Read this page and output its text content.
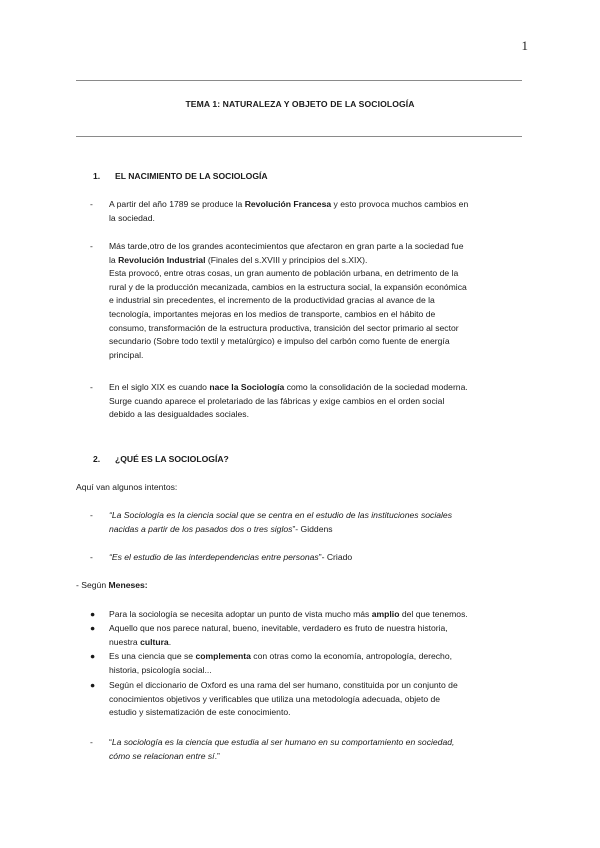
1
TEMA 1: NATURALEZA Y OBJETO DE LA SOCIOLOGÍA
1. EL NACIMIENTO DE LA SOCIOLOGÍA
- A partir del año 1789 se produce la Revolución Francesa y esto provoca muchos cambios en
la sociedad.
- Más tarde,otro de los grandes acontecimientos que afectaron en gran parte a la sociedad fue
la Revolución Industrial (Finales del s.XVIII y principios del s.XIX).
Esta provocó, entre otras cosas, un gran aumento de población urbana, en detrimento de la
rural y de la producción mecanizada, cambios en la estructura social, la expansión económica
e industrial sin precedentes, el incremento de la productividad gracias al avance de la
tecnología, importantes mejoras en los medios de transporte, cambios en el hábito de
consumo, transformación de la estructura productiva, transición del sector primario al sector
secundario (Sobre todo textil y metalúrgico) e impulso del carbón como fuente de energía
principal.
- En el siglo XIX es cuando nace la Sociología como la consolidación de la sociedad moderna.
Surge cuando aparece el proletariado de las fábricas y exige cambios en el orden social
debido a las desigualdades sociales.
2. ¿QUÉ ES LA SOCIOLOGÍA?
Aquí van algunos intentos:
- “La Sociología es la ciencia social que se centra en el estudio de las instituciones sociales
nacidas a partir de los pasados dos o tres siglos”- Giddens
- “Es el estudio de las interdependencias entre personas”- Criado
- Según Meneses:
● Para la sociología se necesita adoptar un punto de vista mucho más amplio del que tenemos.
● Aquello que nos parece natural, bueno, inevitable, verdadero es fruto de nuestra historia,
nuestra cultura.
● Es una ciencia que se complementa con otras como la economía, antropología, derecho,
historia, psicología social...
● Según el diccionario de Oxford es una rama del ser humano, constituida por un conjunto de
conocimientos objetivos y verificables que utiliza una metodología adecuada, objeto de
estudio y sistematización de este conocimiento.
- “La sociología es la ciencia que estudia al ser humano en su comportamiento en sociedad,
cómo se relacionan entre sí.”
